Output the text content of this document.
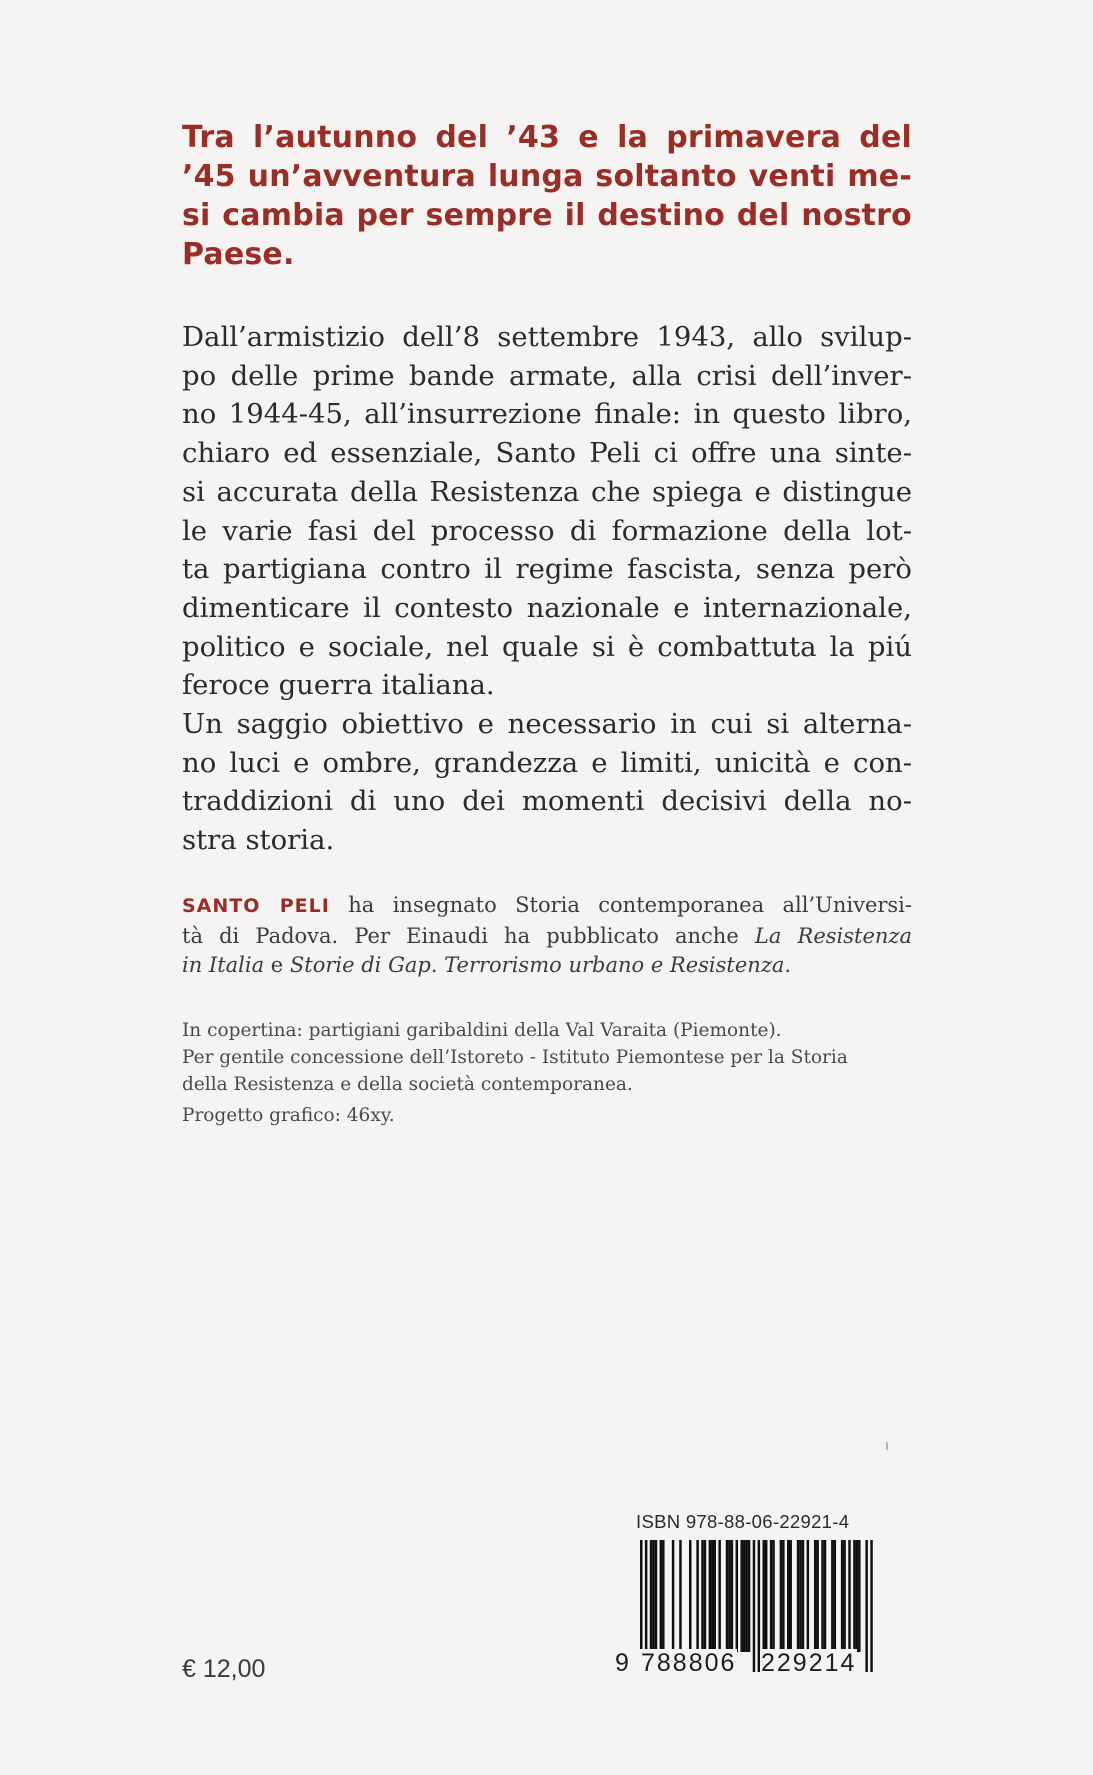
Tra l’autunno del ’43 e la primavera del
’45 un’avventura lunga soltanto venti me-
si cambia per sempre il destino del nostro
Paese.
Dall’armistizio dell’8 settembre 1943, allo svilup-
po delle prime bande armate, alla crisi dell’inver-
no 1944-45, all’insurrezione finale: in questo libro,
chiaro ed essenziale, Santo Peli ci offre una sinte-
si accurata della Resistenza che spiega e distingue
le varie fasi del processo di formazione della lot-
ta partigiana contro il regime fascista, senza però
dimenticare il contesto nazionale e internazionale,
politico e sociale, nel quale si è combattuta la piú
feroce guerra italiana.
Un saggio obiettivo e necessario in cui si alterna-
no luci e ombre, grandezza e limiti, unicità e con-
traddizioni di uno dei momenti decisivi della no-
stra storia.
SANTO PELI ha insegnato Storia contemporanea all’Universi-
tà di Padova. Per Einaudi ha pubblicato anche La Resistenza
in Italia e Storie di Gap. Terrorismo urbano e Resistenza.
In copertina: partigiani garibaldini della Val Varaita (Piemonte).
Per gentile concessione dell’Istoreto - Istituto Piemontese per la Storia
della Resistenza e della società contemporanea.
Progetto grafico: 46xy.
ISBN 978-88-06-22921-4
9 788806 229214
€ 12,00
